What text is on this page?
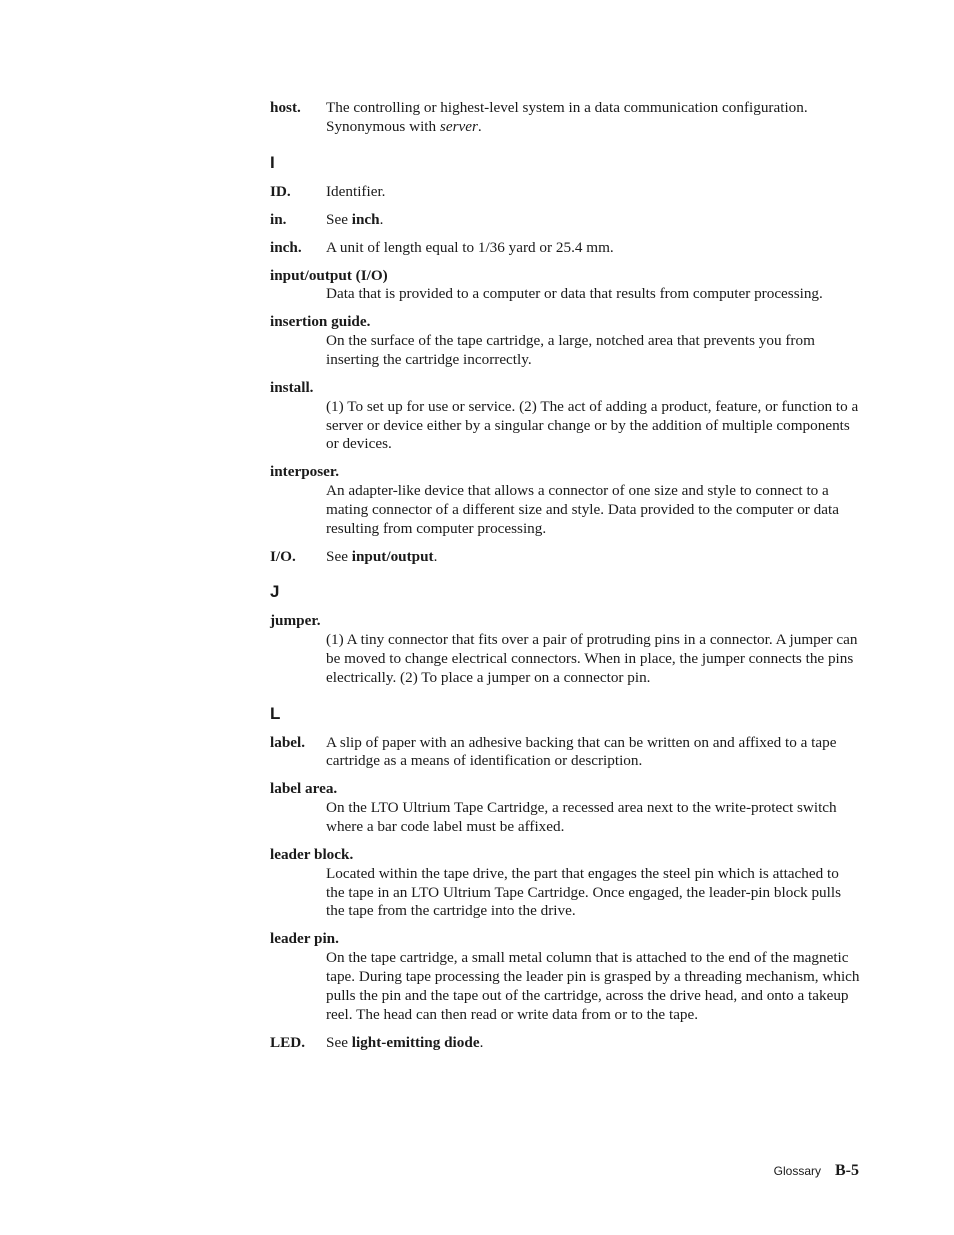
host.	The controlling or highest-level system in a data communication configuration. Synonymous with server.
I
ID.	Identifier.
in.	See inch.
inch.	A unit of length equal to 1/36 yard or 25.4 mm.
input/output (I/O)
Data that is provided to a computer or data that results from computer processing.
insertion guide.
On the surface of the tape cartridge, a large, notched area that prevents you from inserting the cartridge incorrectly.
install.
(1) To set up for use or service. (2) The act of adding a product, feature, or function to a server or device either by a singular change or by the addition of multiple components or devices.
interposer.
An adapter-like device that allows a connector of one size and style to connect to a mating connector of a different size and style. Data provided to the computer or data resulting from computer processing.
I/O.	See input/output.
J
jumper.
(1) A tiny connector that fits over a pair of protruding pins in a connector. A jumper can be moved to change electrical connectors. When in place, the jumper connects the pins electrically. (2) To place a jumper on a connector pin.
L
label.	A slip of paper with an adhesive backing that can be written on and affixed to a tape cartridge as a means of identification or description.
label area.
On the LTO Ultrium Tape Cartridge, a recessed area next to the write-protect switch where a bar code label must be affixed.
leader block.
Located within the tape drive, the part that engages the steel pin which is attached to the tape in an LTO Ultrium Tape Cartridge. Once engaged, the leader-pin block pulls the tape from the cartridge into the drive.
leader pin.
On the tape cartridge, a small metal column that is attached to the end of the magnetic tape. During tape processing the leader pin is grasped by a threading mechanism, which pulls the pin and the tape out of the cartridge, across the drive head, and onto a takeup reel. The head can then read or write data from or to the tape.
LED.	See light-emitting diode.
Glossary B-5
